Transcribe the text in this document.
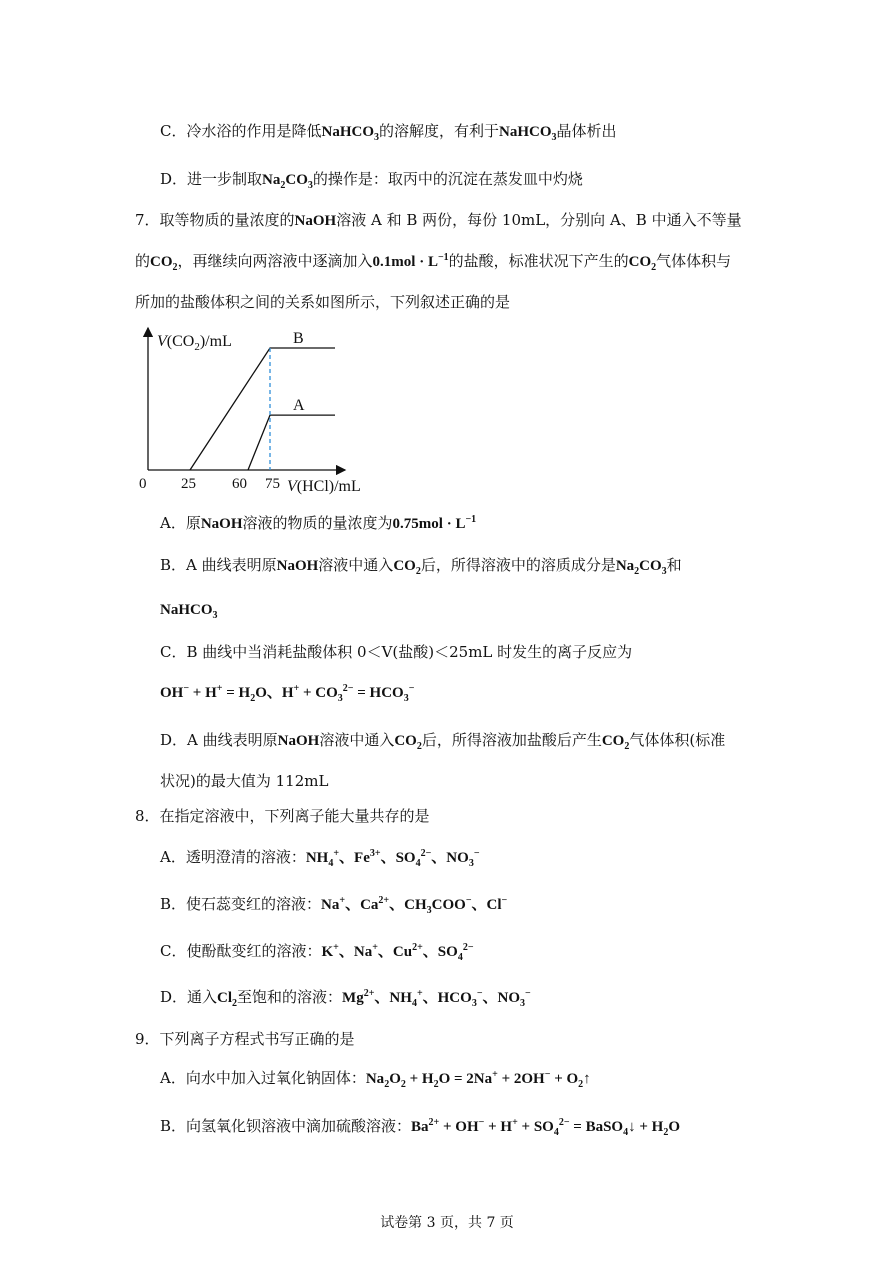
C．冷水浴的作用是降低NaHCO$_3$的溶解度，有利于NaHCO$_3$晶体析出
D．进一步制取$Na_2CO_3$的操作是：取丙中的沉淀在蒸发皿中灼烧
7．取等物质的量浓度的NaOH溶液 A 和 B 两份，每份 10mL，分别向 A、B 中通入不等量
的$CO_2$，再继续向两溶液中逐滴加入$0.1mol \cdot L^{-1}$的盐酸，标准状况下产生的$CO_2$气体体积与
所加的盐酸体积之间的关系如图所示，下列叙述正确的是
$V(CO_2)/mL$
V(HCl)/mL
0 25 60 75
B
A
A．原NaOH溶液的物质的量浓度为$0.75mol \cdot L^{-1}$
B．A 曲线表明原NaOH溶液中通入$CO_2$后，所得溶液中的溶质成分是$Na_2CO_3$和
NaHCO$_3$
C．B 曲线中当消耗盐酸体积 0＜V(盐酸)＜25mL 时发生的离子反应为
$OH^- + H^+ = H_2O$、$H^+ + CO_3^{2-} = HCO_3^-$
D．A 曲线表明原NaOH溶液中通入$CO_2$后，所得溶液加盐酸后产生$CO_2$气体体积(标准
状况)的最大值为 112mL
8．在指定溶液中，下列离子能大量共存的是
A．透明澄清的溶液：$NH_4^+$、$Fe^{3+}$、$SO_4^{2-}$、$NO_3^-$
B．使石蕊变红的溶液：Na+、$Ca^{2+}$、$CH_3COO^-$、Cl−
C．使酚酞变红的溶液：K+、Na+、$Cu^{2+}$、$SO_4^{2-}$
D．通入$Cl_2$至饱和的溶液：$Mg^{2+}$、$NH_4^+$、$HCO_3^-$、$NO_3^-$
9．下列离子方程式书写正确的是
A．向水中加入过氧化钠固体：$Na_2O_2 + H_2O = 2Na^+ + 2OH^-$ + $O_2↑$
B．向氢氧化钡溶液中滴加硫酸溶液：$Ba^{2+} + OH^- + H^+ + SO_4^{2-}$ = BaSO$_4$↓ + $H_2O$
试卷第 3 页，共 7 页
